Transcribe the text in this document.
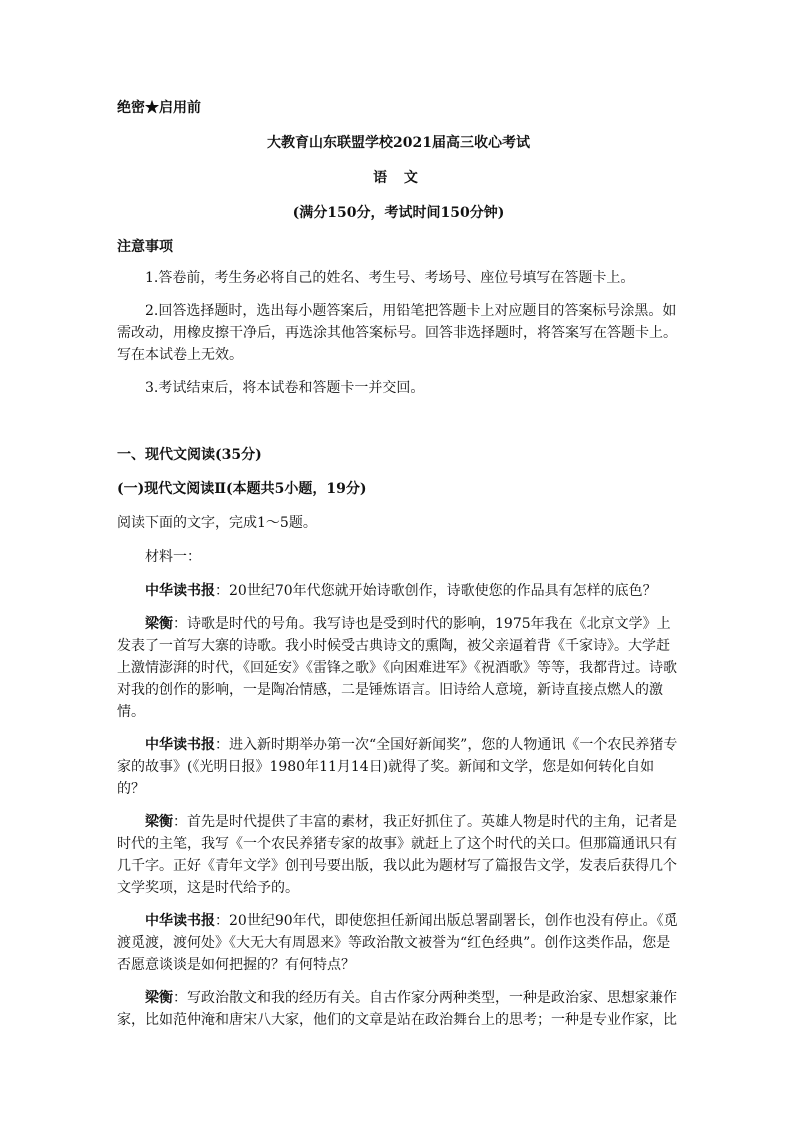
绝密★启用前

大教育山东联盟学校2021届高三收心考试

语 文

(满分150分，考试时间150分钟)

注意事项

1.答卷前，考生务必将自己的姓名、考生号、考场号、座位号填写在答题卡上。

2.回答选择题时，选出每小题答案后，用铅笔把答题卡上对应题目的答案标号涂黑。如需改动，用橡皮擦干净后，再选涂其他答案标号。回答非选择题时，将答案写在答题卡上。写在本试卷上无效。

3.考试结束后，将本试卷和答题卡一并交回。

一、现代文阅读(35分)

(一)现代文阅读Ⅱ(本题共5小题，19分)

阅读下面的文字，完成1～5题。

材料一：

中华读书报：20世纪70年代您就开始诗歌创作，诗歌使您的作品具有怎样的底色？

梁衡：诗歌是时代的号角。我写诗也是受到时代的影响，1975年我在《北京文学》上发表了一首写大寨的诗歌。我小时候受古典诗文的熏陶，被父亲逼着背《千家诗》。大学赶上激情澎湃的时代，《回延安》《雷锋之歌》《向困难进军》《祝酒歌》等等，我都背过。诗歌对我的创作的影响，一是陶冶情感，二是锤炼语言。旧诗给人意境，新诗直接点燃人的激情。

中华读书报：进入新时期举办第一次“全国好新闻奖”，您的人物通讯《一个农民养猪专家的故事》(《光明日报》1980年11月14日)就得了奖。新闻和文学，您是如何转化自如的？

梁衡：首先是时代提供了丰富的素材，我正好抓住了。英雄人物是时代的主角，记者是时代的主笔，我写《一个农民养猪专家的故事》就赶上了这个时代的关口。但那篇通讯只有几千字。正好《青年文学》创刊号要出版，我以此为题材写了篇报告文学，发表后获得几个文学奖项，这是时代给予的。

中华读书报：20世纪90年代，即使您担任新闻出版总署副署长，创作也没有停止。《觅渡觅渡，渡何处》《大无大有周恩来》等政治散文被誉为“红色经典”。创作这类作品，您是否愿意谈谈是如何把握的？有何特点？

梁衡：写政治散文和我的经历有关。自古作家分两种类型，一种是政治家、思想家兼作家，比如范仲淹和唐宋八大家，他们的文章是站在政治舞台上的思考；一种是专业作家，比
